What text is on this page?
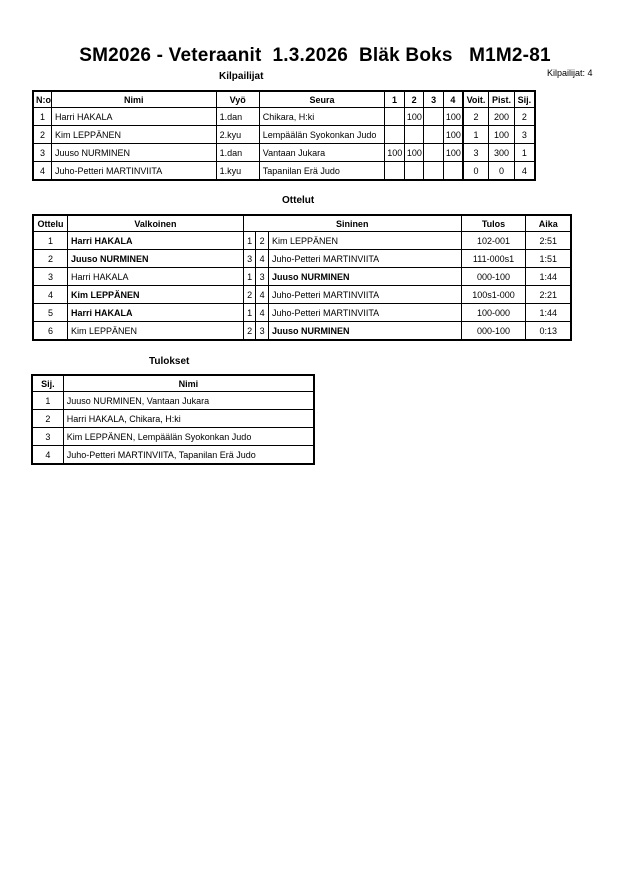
SM2026 - Veteraanit  1.3.2026  Bläk Boks   M1M2-81
Kilpailijat: 4
Kilpailijat
N:o	Nimi	Vyö	Seura	1	2	3	4	Voit.	Pist.	Sij.
1	Harri HAKALA	1.dan	Chikara, H:ki		100		100	2	200	2
2	Kim LEPPÄNEN	2.kyu	Lempäälän Syokonkan Judo				100	1	100	3
3	Juuso NURMINEN	1.dan	Vantaan Jukara	100	100		100	3	300	1
4	Juho-Petteri MARTINVIITA	1.kyu	Tapanilan Erä Judo					0	0	4
Ottelut
Ottelu	Valkoinen	Sininen			Tulos	Aika
1	Harri HAKALA	1	2	Kim LEPPÄNEN	102-001	2:51
2	Juuso NURMINEN	3	4	Juho-Petteri MARTINVIITA	111-000s1	1:51
3	Harri HAKALA	1	3	Juuso NURMINEN	000-100	1:44
4	Kim LEPPÄNEN	2	4	Juho-Petteri MARTINVIITA	100s1-000	2:21
5	Harri HAKALA	1	4	Juho-Petteri MARTINVIITA	100-000	1:44
6	Kim LEPPÄNEN	2	3	Juuso NURMINEN	000-100	0:13
Tulokset
Sij.	Nimi
1	Juuso NURMINEN, Vantaan Jukara
2	Harri HAKALA, Chikara, H:ki
3	Kim LEPPÄNEN, Lempäälän Syokonkan Judo
4	Juho-Petteri MARTINVIITA, Tapanilan Erä Judo
